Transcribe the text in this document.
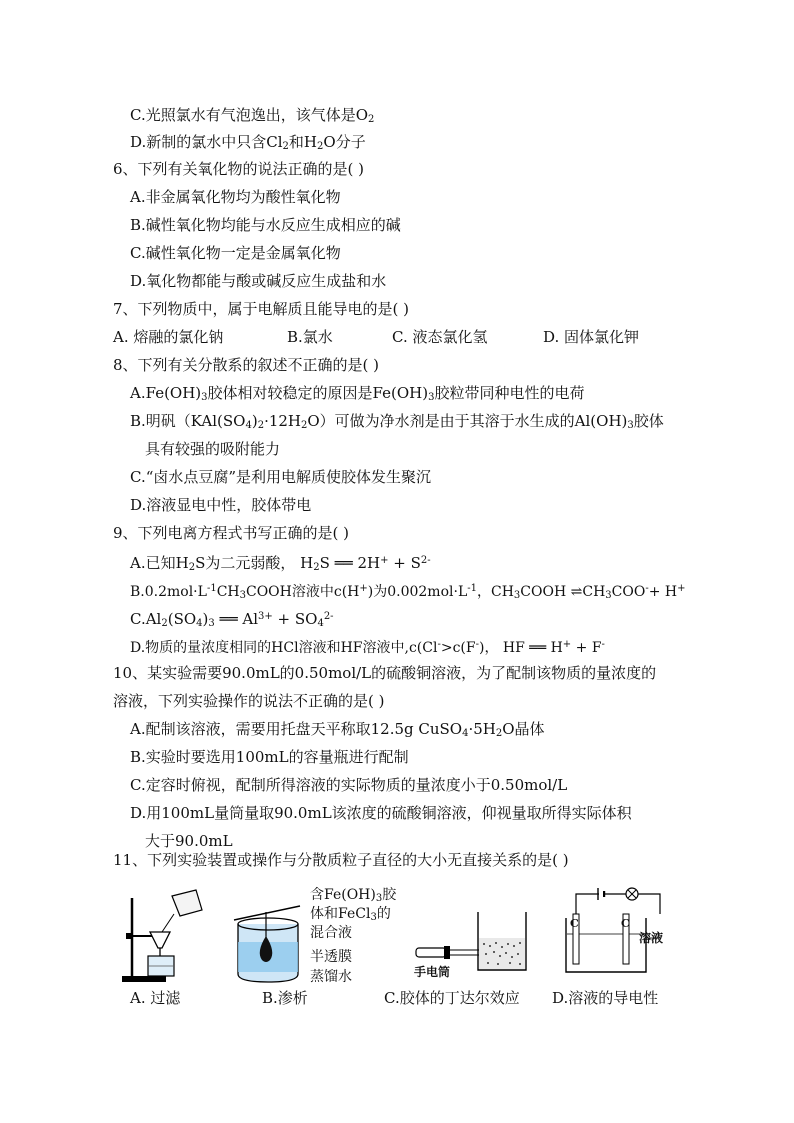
C.光照氯水有气泡逸出，该气体是$O_2$
D.新制的氯水中只含$Cl_2$和$H_2O$分子
6、下列有关氧化物的说法正确的是( )
A.非金属氧化物均为酸性氧化物
B.碱性氧化物均能与水反应生成相应的碱
C.碱性氧化物一定是金属氧化物
D.氧化物都能与酸或碱反应生成盐和水
7、下列物质中，属于电解质且能导电的是( )
A. 熔融的氯化钠	B.氯水	C. 液态氯化氢	D. 固体氯化钾
8、下列有关分散系的叙述不正确的是( )
$A.Fe(OH)_3$胶体相对较稳定的原因是$Fe(OH)_3$胶粒带同种电性的电荷
B.明矾$(KAl(SO_4)_2\cdot 12H_2O)$可做为净水剂是由于其溶于水生成的$Al(OH)_3$胶体
具有较强的吸附能力
C.“卤水点豆腐”是利用电解质使胶体发生聚沉
D.溶液显电中性，胶体带电
9、下列电离方程式书写正确的是( )
A.已知$H_2S$为二元弱酸， $H_2S$ ══ $2H^+ + S^{2-}$
$B.0.2mol\cdot L^{-1}CH_3COOH$溶液中c(H+)为$0.002mol\cdot L^{-1}$，$CH_3COOH$ $\rightleftharpoons CH_3COO^-+ H^+$
$C.Al_2(SO_4)_3$ ══ $Al^{3+} + SO_4^{2-}$
D.物质的量浓度相同的HCl溶液和HF溶液中,c(Cl->c(F-)， HF ══ H+ + F-
10、某实验需要90.0mL的0.50mol/L的硫酸铜溶液，为了配制该物质的量浓度的
溶液，下列实验操作的说法不正确的是( )
A.配制该溶液，需要用托盘天平称取12.5g $CuSO_4\cdot 5H_2O$晶体
B.实验时要选用100mL的容量瓶进行配制
C.定容时俯视，配制所得溶液的实际物质的量浓度小于0.50mol/L
D.用100mL量筒量取90.0mL该浓度的硫酸铜溶液，仰视量取所得实际体积
大于90.0mL
11、下列实验装置或操作与分散质粒子直径的大小无直接关系的是( )
A. 过滤
含$Fe(OH)_3$胶
体和FeCl$_3$的
混合液
半透膜
蒸馏水
B.渗析
手电筒
C.胶体的丁达尔效应
C	C
溶液
D.溶液的导电性
